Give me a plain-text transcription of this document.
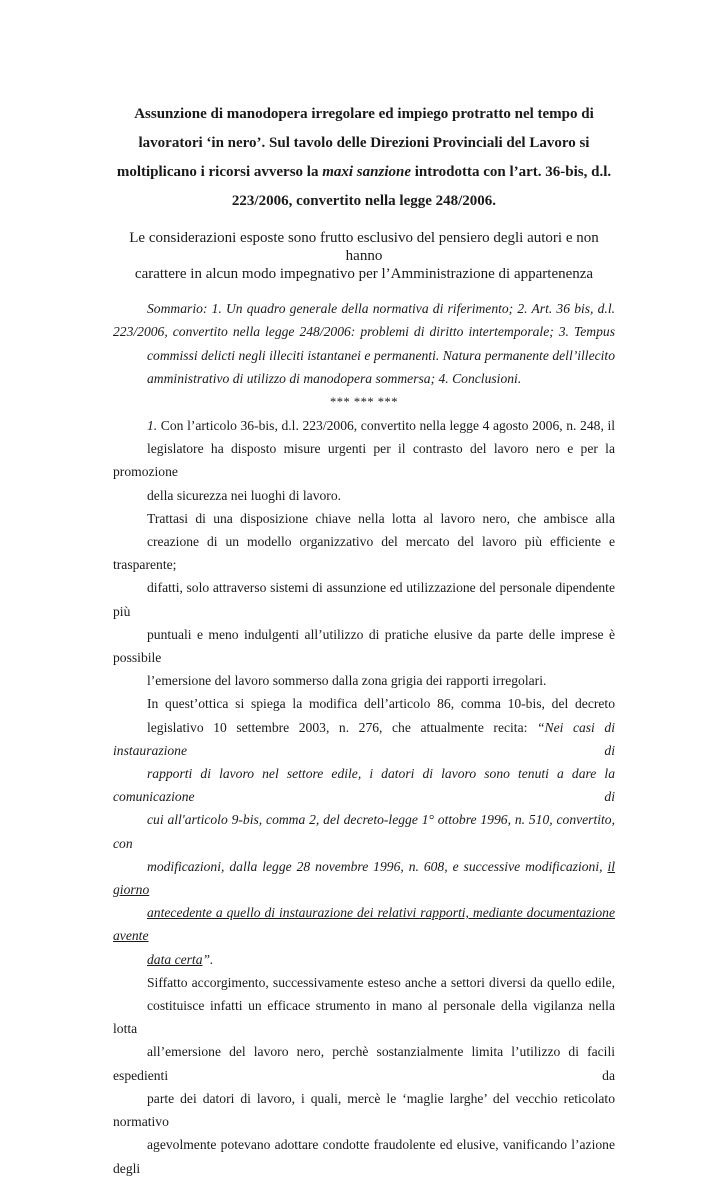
Assunzione di manodopera irregolare ed impiego protratto nel tempo di

lavoratori ‘in nero’. Sul tavolo delle Direzioni Provinciali del Lavoro si

moltiplicano i ricorsi avverso la maxi sanzione introdotta con l’art. 36-bis, d.l.

223/2006, convertito nella legge 248/2006.

Le considerazioni esposte sono frutto esclusivo del pensiero degli autori e non hanno

carattere in alcun modo impegnativo per l’Amministrazione di appartenenza

Sommario: 1. Un quadro generale della normativa di riferimento; 2. Art. 36 bis, d.l.
223/2006, convertito nella legge 248/2006: problemi di diritto intertemporale; 3. Tempus
commissi delicti negli illeciti istantanei e permanenti. Natura permanente dell’illecito
amministrativo di utilizzo di manodopera sommersa; 4. Conclusioni.

*** *** ***

1. Con l’articolo 36-bis, d.l. 223/2006, convertito nella legge 4 agosto 2006, n. 248, il
legislatore ha disposto misure urgenti per il contrasto del lavoro nero e per la promozione
della sicurezza nei luoghi di lavoro.

Trattasi di una disposizione chiave nella lotta al lavoro nero, che ambisce alla
creazione di un modello organizzativo del mercato del lavoro più efficiente e trasparente;
difatti, solo attraverso sistemi di assunzione ed utilizzazione del personale dipendente più
puntuali e meno indulgenti all’utilizzo di pratiche elusive da parte delle imprese è possibile
l’emersione del lavoro sommerso dalla zona grigia dei rapporti irregolari.

In quest’ottica si spiega la modifica dell’articolo 86, comma 10-bis, del decreto
legislativo 10 settembre 2003, n. 276, che attualmente recita: “Nei casi di instaurazione di
rapporti di lavoro nel settore edile, i datori di lavoro sono tenuti a dare la comunicazione di
cui all'articolo 9-bis, comma 2, del decreto-legge 1° ottobre 1996, n. 510, convertito, con
modificazioni, dalla legge 28 novembre 1996, n. 608, e successive modificazioni, il giorno
antecedente a quello di instaurazione dei relativi rapporti, mediante documentazione avente
data certa”.

Siffatto accorgimento, successivamente esteso anche a settori diversi da quello edile,
costituisce infatti un efficace strumento in mano al personale della vigilanza nella lotta
all’emersione del lavoro nero, perchè sostanzialmente limita l’utilizzo di facili espedienti da
parte dei datori di lavoro, i quali, mercè le ‘maglie larghe’ del vecchio reticolato normativo
agevolmente potevano adottare condotte fraudolente ed elusive, vanificando l’azione degli
